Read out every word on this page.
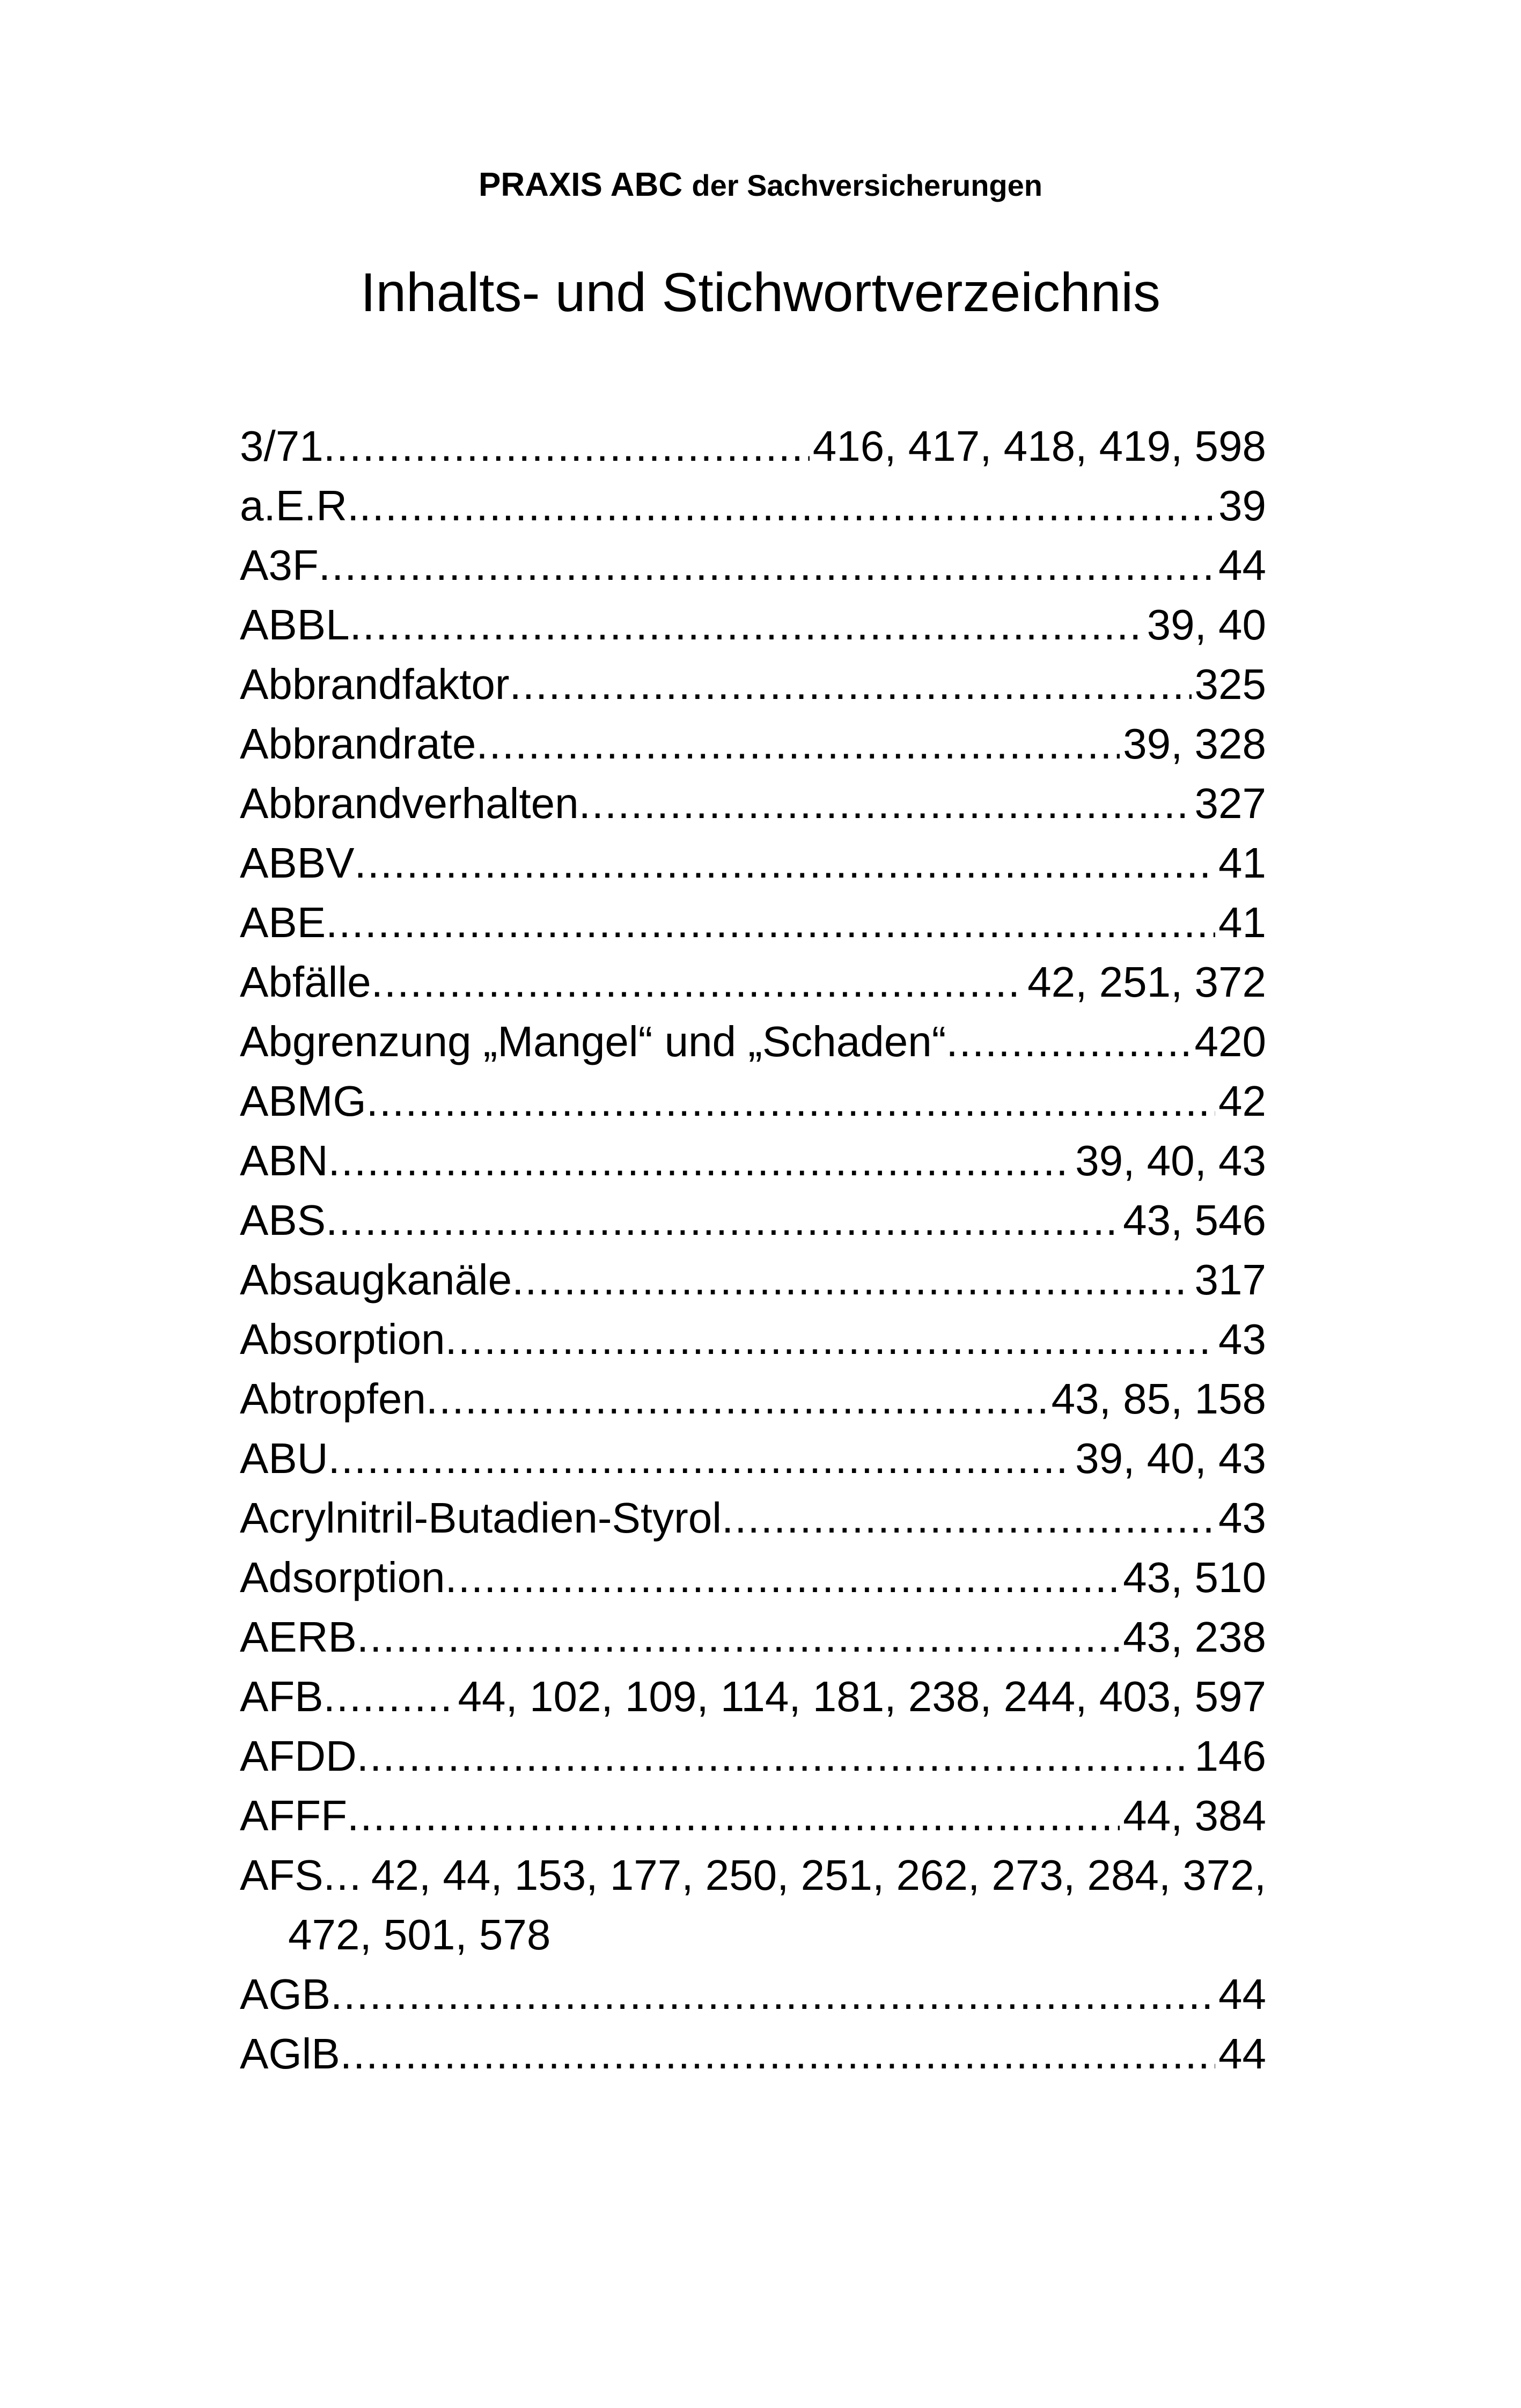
PRAXIS ABC der Sachversicherungen
Inhalts- und Stichwortverzeichnis
3/71 .....	416, 417, 418, 419, 598
a.E.R. .....	39
A3F .....	44
ABBL .....	39, 40
Abbrandfaktor .....	325
Abbrandrate .....	39, 328
Abbrandverhalten .....	327
ABBV .....	41
ABE .....	41
Abfälle .....	42, 251, 372
Abgrenzung „Mangel“ und „Schaden“ .....	420
ABMG .....	42
ABN .....	39, 40, 43
ABS .....	43, 546
Absaugkanäle .....	317
Absorption .....	43
Abtropfen .....	43, 85, 158
ABU .....	39, 40, 43
Acrylnitril-Butadien-Styrol .....	43
Adsorption .....	43, 510
AERB .....	43, 238
AFB .....	44, 102, 109, 114, 181, 238, 244, 403, 597
AFDD .....	146
AFFF .....	44, 384
AFS .. ..... 42, 44, 153, 177, 250, 251, 262, 273, 284, 372,
472, 501, 578
AGB .....	44
AGlB .....	44
